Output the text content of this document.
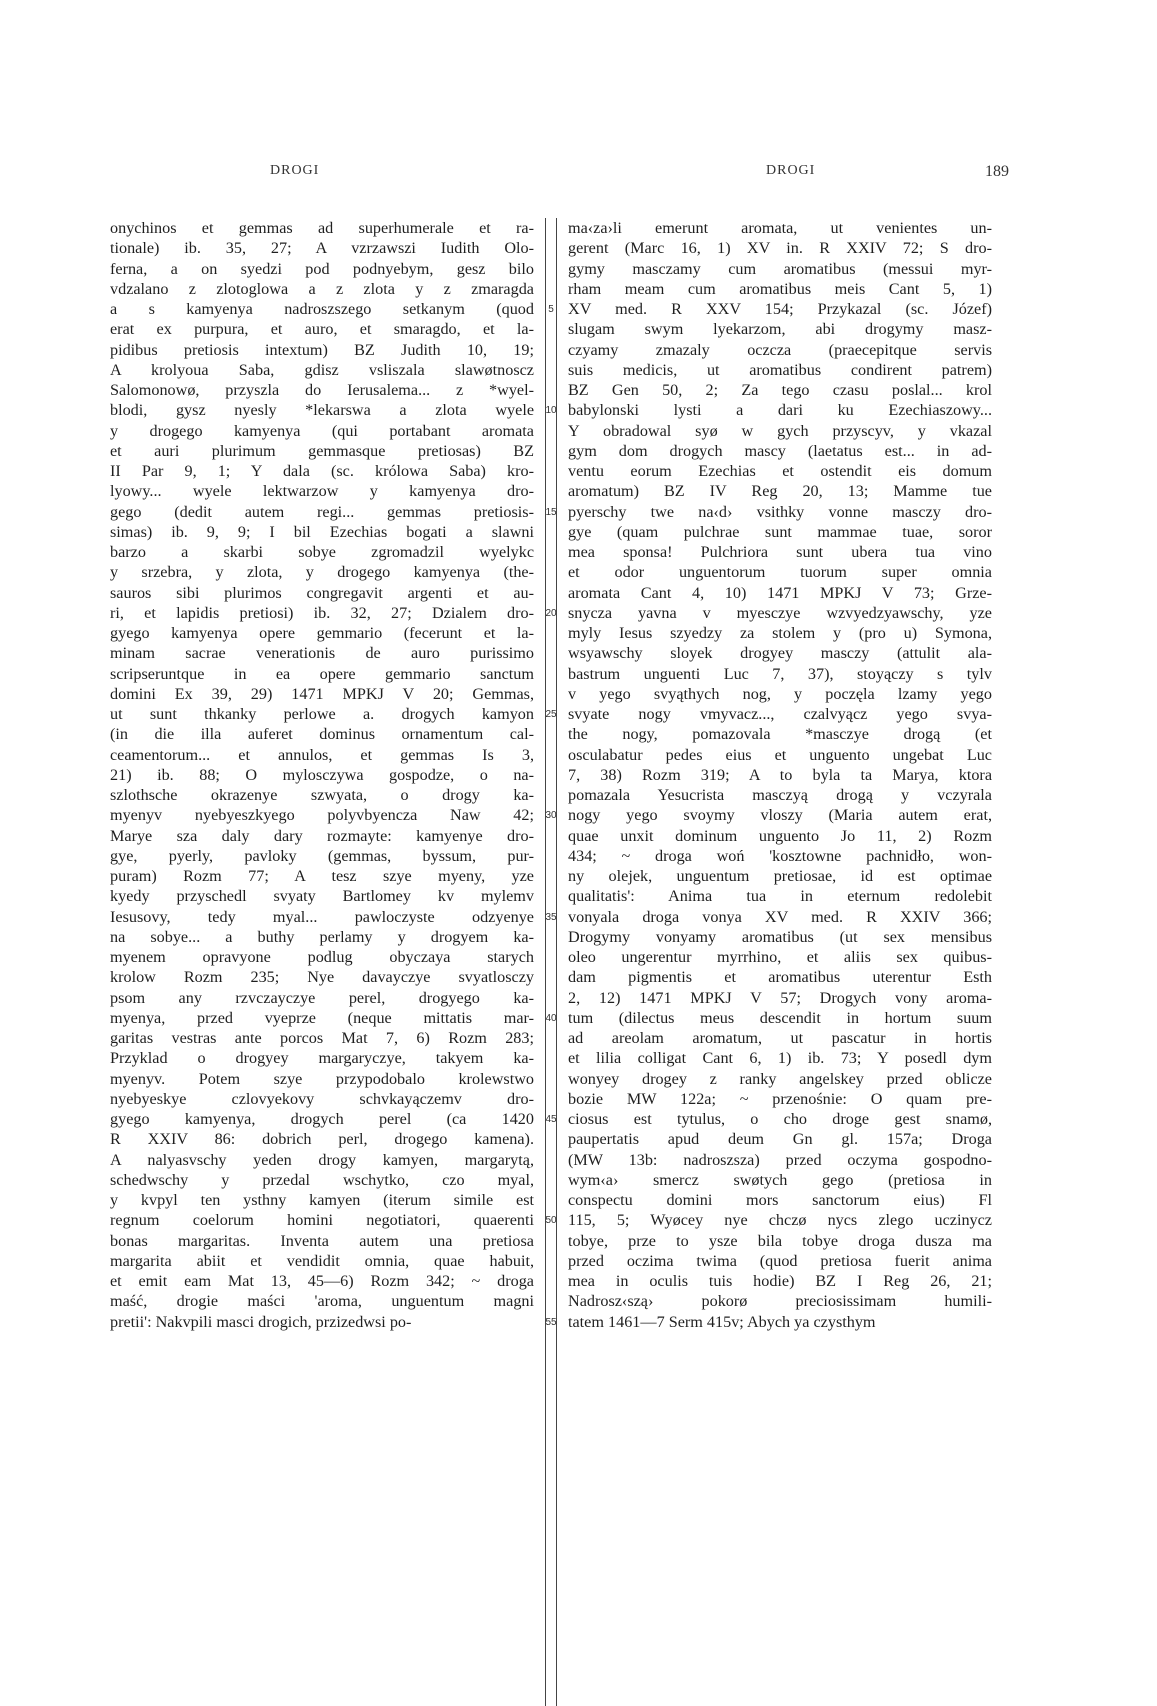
DROGI	DROGI	189
onychinos et gemmas ad superhumerale et ra-
tionale) ib. 35, 27; A vzrzawszi Iudith Olo-
ferna, a on syedzi pod podnyebym, gesz bilo
vdzalano z zlotoglowa a z zlota y z zmaragda
a s kamyenya nadroszszego setkanym (quod
erat ex purpura, et auro, et smaragdo, et la-
pidibus pretiosis intextum) BZ Judith 10, 19;
A krolyoua Saba, gdisz vsliszala slawøtnoscz
Salomonowø, przyszla do Ierusalema... z *wyel-
blodi, gysz nyesly *lekarswa a zlota wyele
y drogego kamyenya (qui portabant aromata
et auri plurimum gemmasque pretiosas) BZ
II Par 9, 1; Y dala (sc. królowa Saba) kro-
lyowy... wyele lektwarzow y kamyenya dro-
gego (dedit autem regi... gemmas pretiosis-
simas) ib. 9, 9; I bil Ezechias bogati a slawni
barzo a skarbi sobye zgromadzil wyelykc
y srzebra, y zlota, y drogego kamyenya (the-
sauros sibi plurimos congregavit argenti et au-
ri, et lapidis pretiosi) ib. 32, 27; Dzialem dro-
gyego kamyenya opere gemmario (fecerunt et la-
minam sacrae venerationis de auro purissimo
scripseruntque in ea opere gemmario sanctum
domini Ex 39, 29) 1471 MPKJ V 20; Gemmas,
ut sunt thkanky perlowe a. drogych kamyon
(in die illa auferet dominus ornamentum cal-
ceamentorum... et annulos, et gemmas Is 3,
21) ib. 88; O mylosczywa gospodze, o na-
szlothsche okrazenye szwyata, o drogy ka-
myenyv nyebyeszkyego polyvbyencza Naw 42;
Marye sza daly dary rozmayte: kamyenye dro-
gye, pyerly, pavloky (gemmas, byssum, pur-
puram) Rozm 77; A tesz szye myeny, yze
kyedy przyschedl svyaty Bartlomey kv mylemv
Iesusovy, tedy myal... pawloczyste odzyenye
na sobye... a buthy perlamy y drogyem ka-
myenem opravyone podlug obyczaya starych
krolow Rozm 235; Nye davayczye svyatlosczy
psom any rzvczayczye perel, drogyego ka-
myenya, przed vyeprze (neque mittatis mar-
garitas vestras ante porcos Mat 7, 6) Rozm 283;
Przyklad o drogyey margaryczye, takyem ka-
myenyv. Potem szye przypodobalo krolewstwo
nyebyeskye czlovyekovy schvkayączemv dro-
gyego kamyenya, drogych perel (ca 1420
R XXIV 86: dobrich perl, drogego kamena).
A nalyasvschy yeden drogy kamyen, margarytą,
schedwschy y przedal wschytko, czo myal,
y kvpyl ten ysthny kamyen (iterum simile est
regnum coelorum homini negotiatori, quaerenti
bonas margaritas. Inventa autem una pretiosa
margarita abiit et vendidit omnia, quae habuit,
et emit eam Mat 13, 45—6) Rozm 342; ~ droga
maść, drogie maści 'aroma, unguentum magni
pretii': Nakvpili masci drogich, przizedwsi po-
ma‹za›li emerunt aromata, ut venientes un-
gerent (Marc 16, 1) XV in. R XXIV 72; S dro-
gymy masczamy cum aromatibus (messui myr-
rham meam cum aromatibus meis Cant 5, 1)
XV med. R XXV 154; Przykazal (sc. Józef)
slugam swym lyekarzom, abi drogymy masz-
czyamy zmazaly oczcza (praecepitque servis
suis medicis, ut aromatibus condirent patrem)
BZ Gen 50, 2; Za tego czasu poslal... krol
babylonski lysti a dari ku Ezechiaszowy...
Y obradowal syø w gych przyscyv, y vkazal
gym dom drogych mascy (laetatus est... in ad-
ventu eorum Ezechias et ostendit eis domum
aromatum) BZ IV Reg 20, 13; Mamme tue
pyerschy twe na‹d› vsithky vonne masczy dro-
gye (quam pulchrae sunt mammae tuae, soror
mea sponsa! Pulchriora sunt ubera tua vino
et odor unguentorum tuorum super omnia
aromata Cant 4, 10) 1471 MPKJ V 73; Grze-
snycza yavna v myesczye wzvyedzyawschy, yze
myly Iesus szyedzy za stolem y (pro u) Symona,
wsyawschy sloyek drogyey masczy (attulit ala-
bastrum unguenti Luc 7, 37), stoyączy s tylv
v yego svyąthych nog, y poczęla lzamy yego
svyate nogy vmyvacz..., czalvyącz yego svya-
the nogy, pomazovala *masczye drogą (et
osculabatur pedes eius et unguento ungebat Luc
7, 38) Rozm 319; A to byla ta Marya, ktora
pomazala Yesucrista masczyą drogą y vczyrala
nogy yego svoymy vloszy (Maria autem erat,
quae unxit dominum unguento Jo 11, 2) Rozm
434; ~ droga woń 'kosztowne pachnidło, won-
ny olejek, unguentum pretiosae, id est optimae
qualitatis': Anima tua in eternum redolebit
vonyala droga vonya XV med. R XXIV 366;
Drogymy vonyamy aromatibus (ut sex mensibus
oleo ungerentur myrrhino, et aliis sex quibus-
dam pigmentis et aromatibus uterentur Esth
2, 12) 1471 MPKJ V 57; Drogych vony aroma-
tum (dilectus meus descendit in hortum suum
ad areolam aromatum, ut pascatur in hortis
et lilia colligat Cant 6, 1) ib. 73; Y posedl dym
wonyey drogey z ranky angelskey przed oblicze
bozie MW 122a; ~ przenośnie: O quam pre-
ciosus est tytulus, o cho droge gest snamø,
paupertatis apud deum Gn gl. 157a; Droga
(MW 13b: nadroszsza) przed oczyma gospodno-
wym‹a› smercz swøtych gego (pretiosa in
conspectu domini mors sanctorum eius) Fl
115, 5; Wyøcey nye chczø nycs zlego uczinycz
tobye, prze to ysze bila tobye droga dusza ma
przed oczima twima (quod pretiosa fuerit anima
mea in oculis tuis hodie) BZ I Reg 26, 21;
Nadrosz‹szą› pokorø preciosissimam humili-
tatem 1461—7 Serm 415v; Abych ya czysthym
5
10
15
20
25
30
35
40
45
50
55
